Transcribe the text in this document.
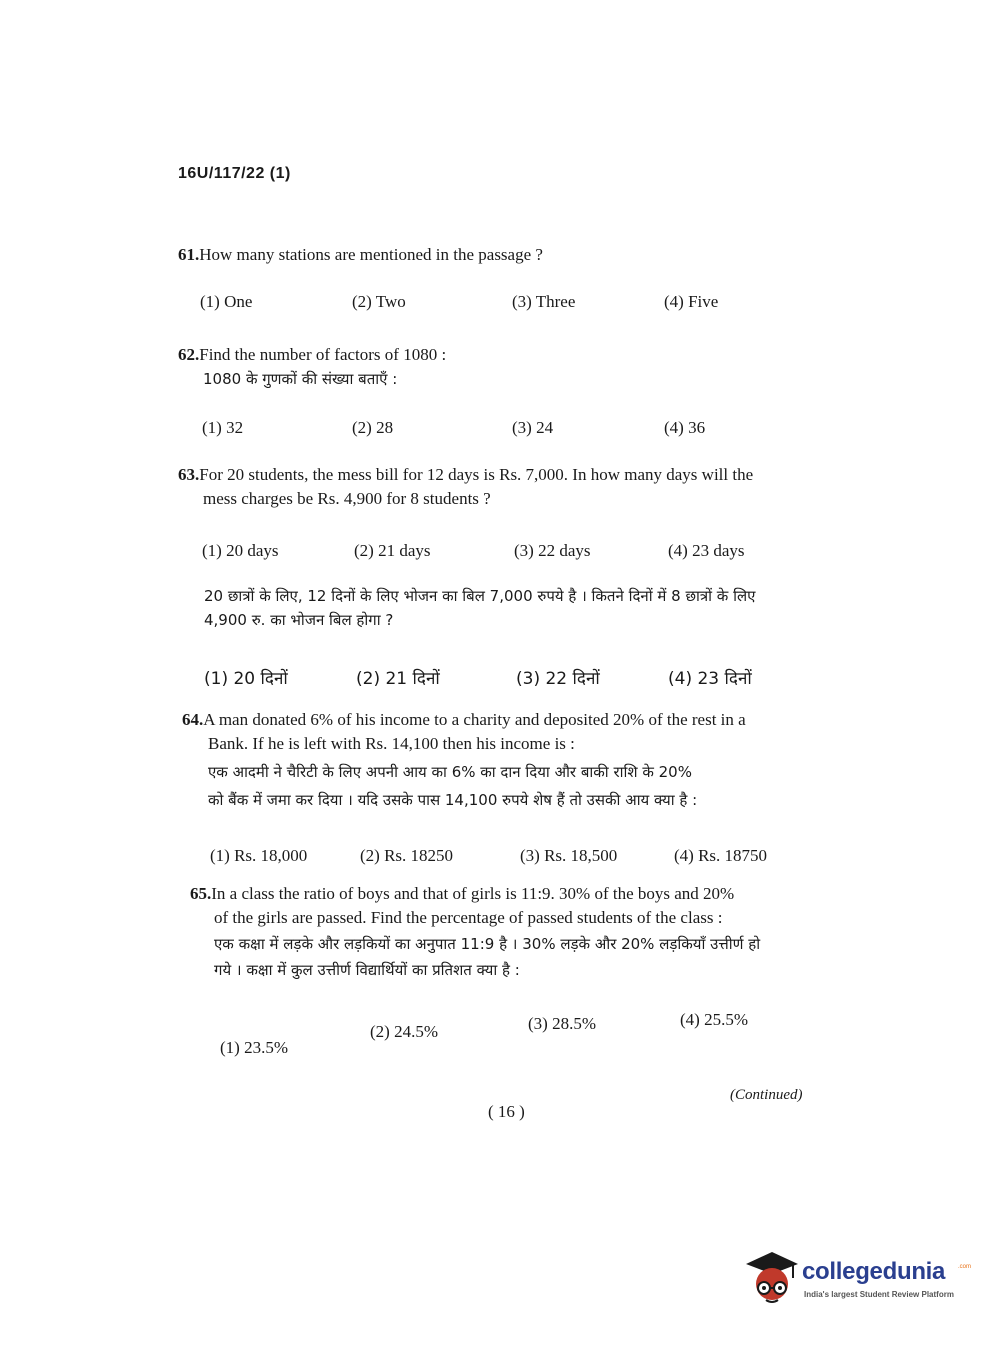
16U/117/22 (1)
61.How many stations are mentioned in the passage ?
(1) One	(2) Two	(3) Three	(4) Five
62.Find the number of factors of 1080 :
1080 के गुणकों की संख्या बताएँ :
(1) 32	(2) 28	(3) 24	(4) 36
63.For 20 students, the mess bill for 12 days is Rs. 7,000. In how many days will the
mess charges be Rs. 4,900 for 8 students ?
(1) 20 days	(2) 21 days	(3) 22 days	(4) 23 days
20 छात्रों के लिए, 12 दिनों के लिए भोजन का बिल 7,000 रुपये है । कितने दिनों में 8 छात्रों के लिए
4,900 रु. का भोजन बिल होगा ?
(1) 20 दिनों	(2) 21 दिनों	(3) 22 दिनों	(4) 23 दिनों
64.A man donated 6% of his income to a charity and deposited 20% of the rest in a
Bank. If he is left with Rs. 14,100 then his income is :
एक आदमी ने चैरिटी के लिए अपनी आय का 6% का दान दिया और बाकी राशि के 20%
को बैंक में जमा कर दिया । यदि उसके पास 14,100 रुपये शेष हैं तो उसकी आय क्या है :
(1) Rs. 18,000	(2) Rs. 18250	(3) Rs. 18,500	(4) Rs. 18750
65.In a class the ratio of boys and that of girls is 11:9. 30% of the boys and 20%
of the girls are passed. Find the percentage of passed students of the class :
एक कक्षा में लड़के और लड़कियों का अनुपात 11:9 है । 30% लड़के और 20% लड़कियाँ उत्तीर्ण हो
गये । कक्षा में कुल उत्तीर्ण विद्यार्थियों का प्रतिशत क्या है :
(1) 23.5%
(2) 24.5%	(3) 28.5%	(4) 25.5%
(Continued)
( 16 )
collegedunia .com
India's largest Student Review Platform
